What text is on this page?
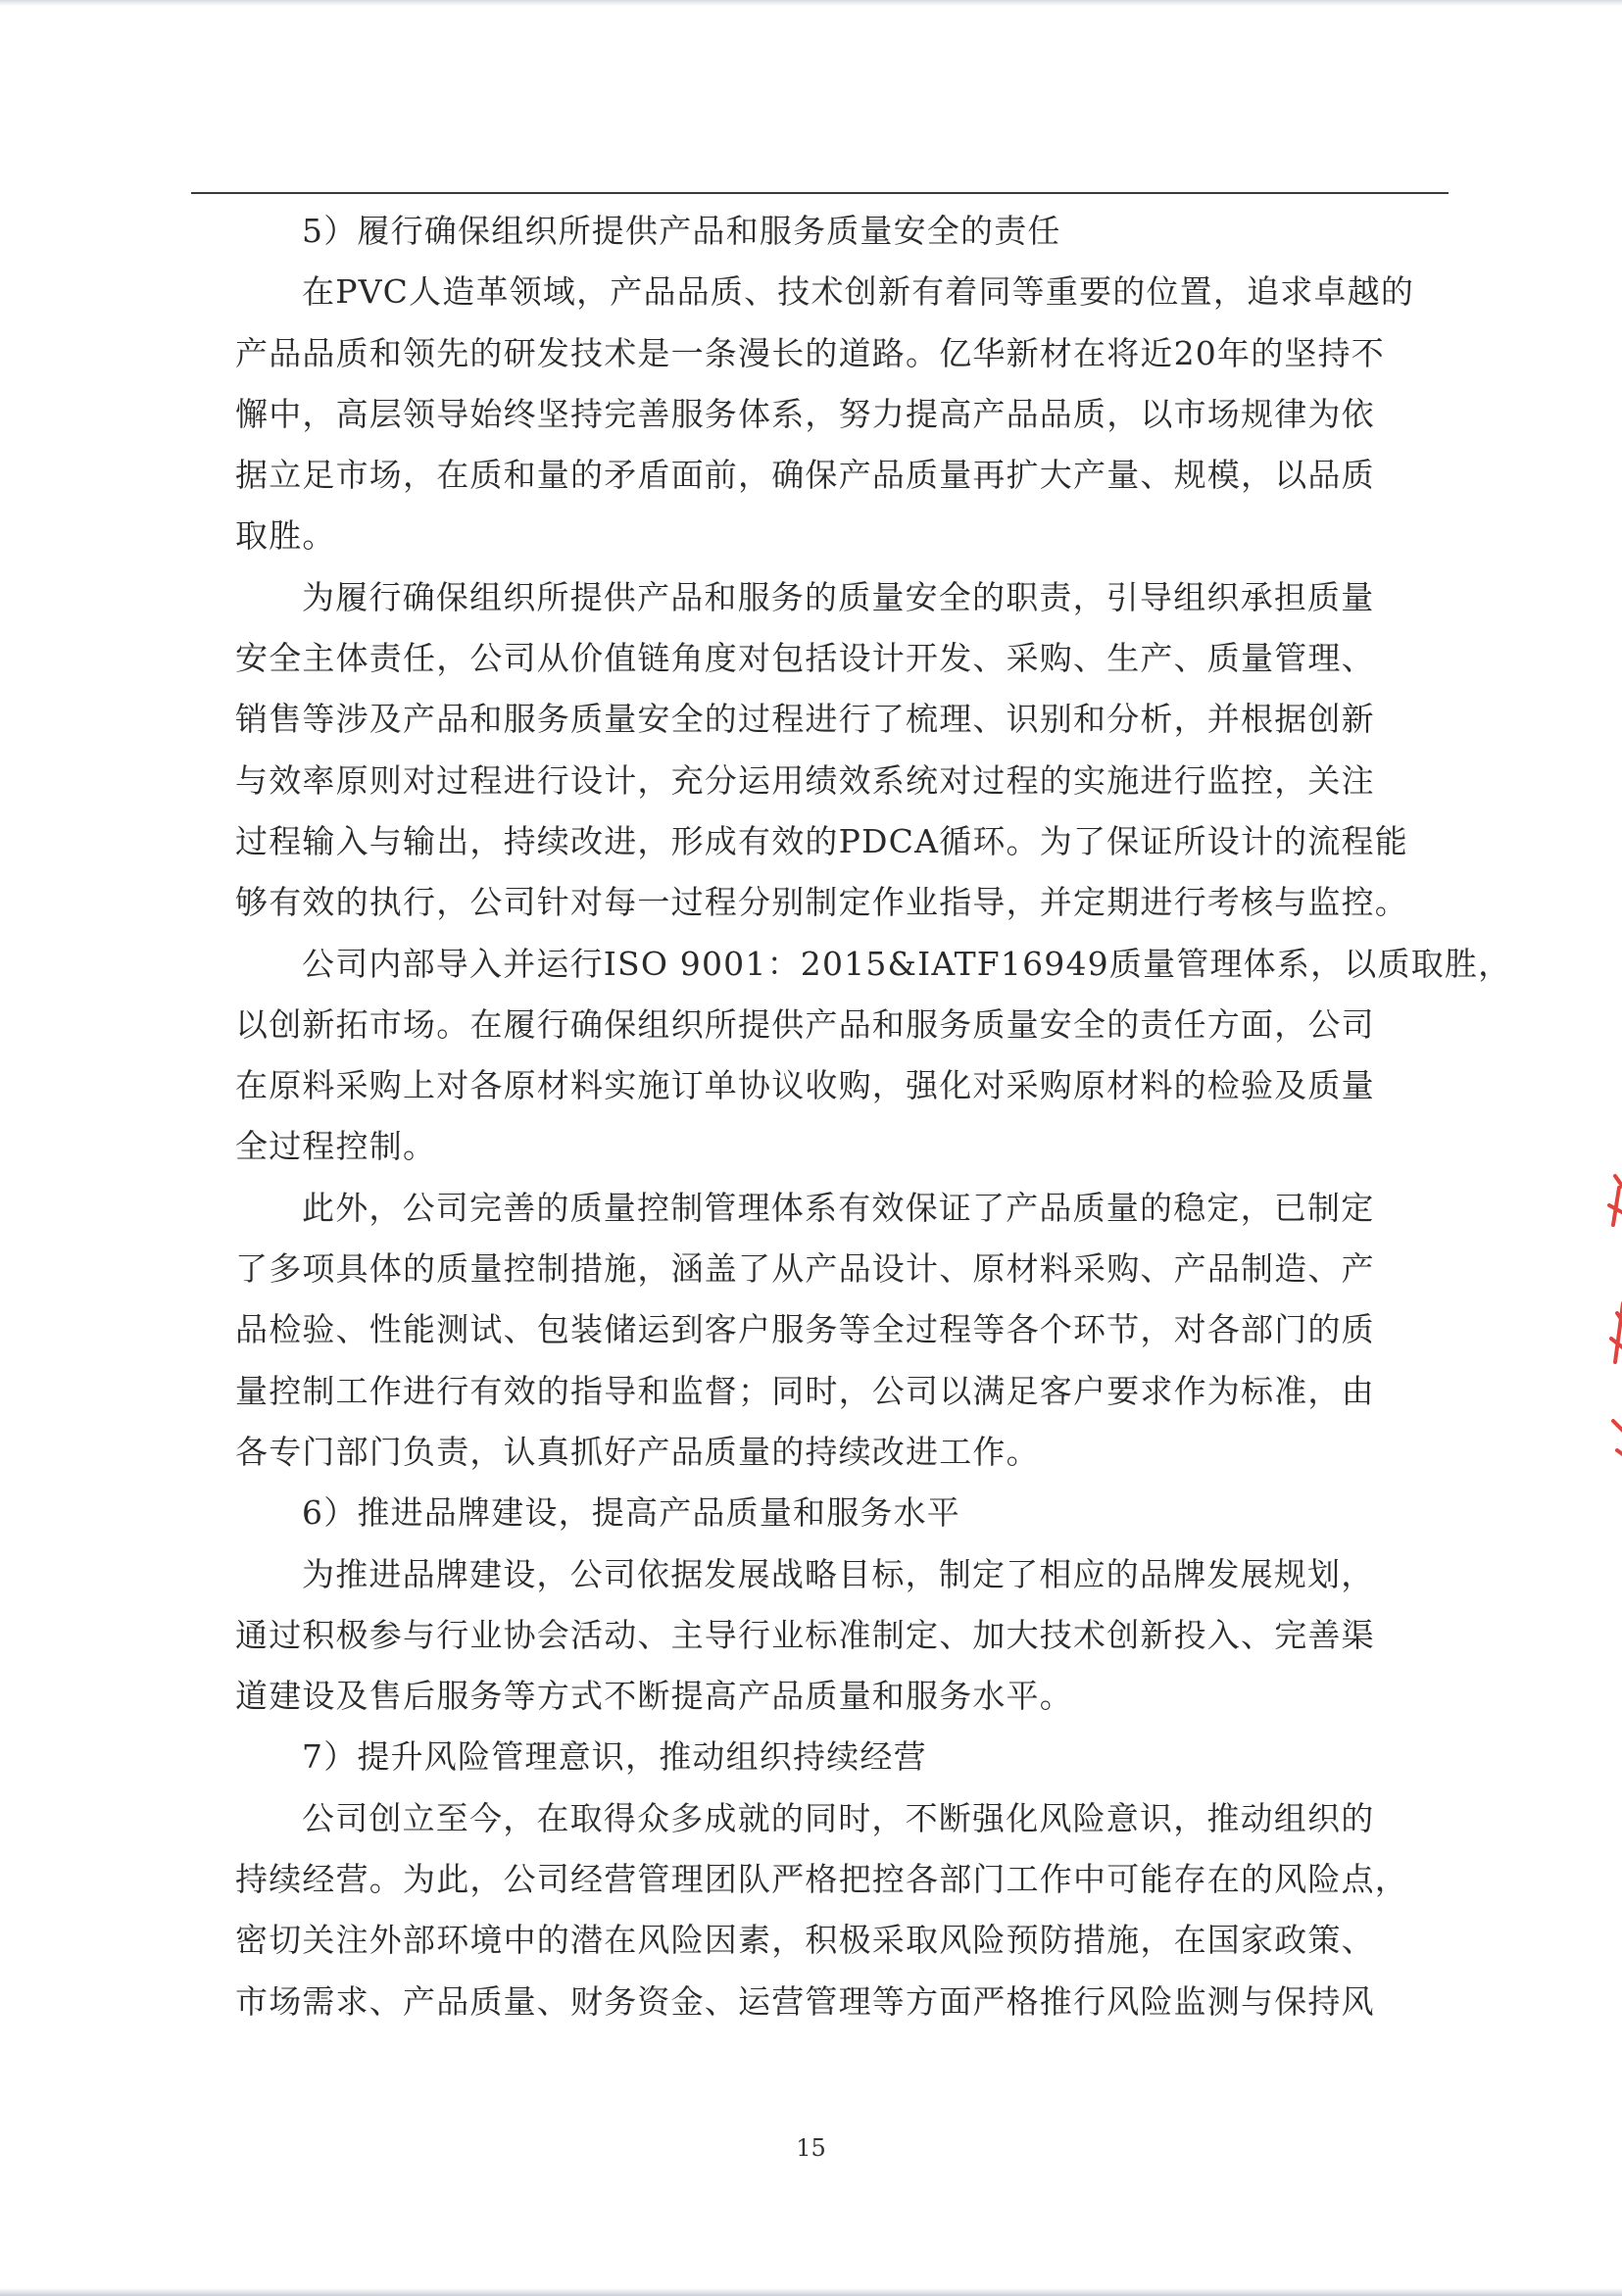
5）履行确保组织所提供产品和服务质量安全的责任
在PVC人造革领域，产品品质、技术创新有着同等重要的位置，追求卓越的
产品品质和领先的研发技术是一条漫长的道路。亿华新材在将近20年的坚持不
懈中，高层领导始终坚持完善服务体系，努力提高产品品质，以市场规律为依
据立足市场，在质和量的矛盾面前，确保产品质量再扩大产量、规模，以品质
取胜。
为履行确保组织所提供产品和服务的质量安全的职责，引导组织承担质量
安全主体责任，公司从价值链角度对包括设计开发、采购、生产、质量管理、
销售等涉及产品和服务质量安全的过程进行了梳理、识别和分析，并根据创新
与效率原则对过程进行设计，充分运用绩效系统对过程的实施进行监控，关注
过程输入与输出，持续改进，形成有效的PDCA循环。为了保证所设计的流程能
够有效的执行，公司针对每一过程分别制定作业指导，并定期进行考核与监控。
公司内部导入并运行ISO 9001：2015&IATF16949质量管理体系，以质取胜，
以创新拓市场。在履行确保组织所提供产品和服务质量安全的责任方面，公司
在原料采购上对各原材料实施订单协议收购，强化对采购原材料的检验及质量
全过程控制。
此外，公司完善的质量控制管理体系有效保证了产品质量的稳定，已制定
了多项具体的质量控制措施，涵盖了从产品设计、原材料采购、产品制造、产
品检验、性能测试、包装储运到客户服务等全过程等各个环节，对各部门的质
量控制工作进行有效的指导和监督；同时，公司以满足客户要求作为标准，由
各专门部门负责，认真抓好产品质量的持续改进工作。
6）推进品牌建设，提高产品质量和服务水平
为推进品牌建设，公司依据发展战略目标，制定了相应的品牌发展规划，
通过积极参与行业协会活动、主导行业标准制定、加大技术创新投入、完善渠
道建设及售后服务等方式不断提高产品质量和服务水平。
7）提升风险管理意识，推动组织持续经营
公司创立至今，在取得众多成就的同时，不断强化风险意识，推动组织的
持续经营。为此，公司经营管理团队严格把控各部门工作中可能存在的风险点，
密切关注外部环境中的潜在风险因素，积极采取风险预防措施，在国家政策、
市场需求、产品质量、财务资金、运营管理等方面严格推行风险监测与保持风
15
